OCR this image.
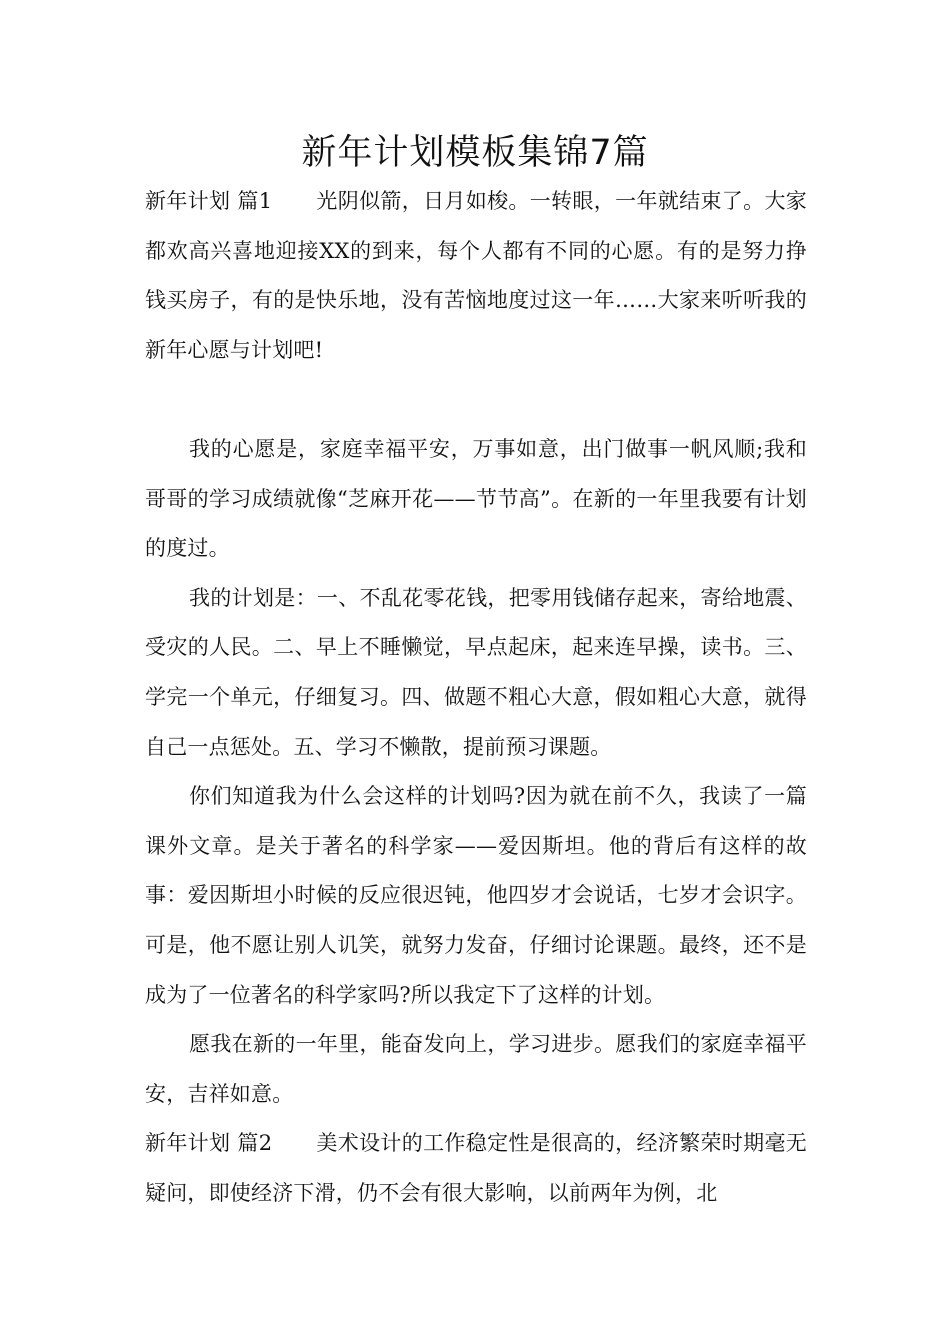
新年计划模板集锦7篇

新年计划 篇1 光阴似箭，日月如梭。一转眼，一年就结束了。大家都欢高兴喜地迎接XX的到来，每个人都有不同的心愿。有的是努力挣钱买房子，有的是快乐地，没有苦恼地度过这一年……大家来听听我的新年心愿与计划吧!

我的心愿是，家庭幸福平安，万事如意，出门做事一帆风顺;我和哥哥的学习成绩就像“芝麻开花——节节高”。在新的一年里我要有计划的度过。

我的计划是：一、不乱花零花钱，把零用钱储存起来，寄给地震、受灾的人民。二、早上不睡懒觉，早点起床，起来连早操，读书。三、学完一个单元，仔细复习。四、做题不粗心大意，假如粗心大意，就得自己一点惩处。五、学习不懒散，提前预习课题。

你们知道我为什么会这样的计划吗?因为就在前不久，我读了一篇课外文章。是关于著名的科学家——爱因斯坦。他的背后有这样的故事：爱因斯坦小时候的反应很迟钝，他四岁才会说话，七岁才会识字。可是，他不愿让别人讥笑，就努力发奋，仔细讨论课题。最终，还不是成为了一位著名的科学家吗?所以我定下了这样的计划。

愿我在新的一年里，能奋发向上，学习进步。愿我们的家庭幸福平安，吉祥如意。

新年计划 篇2 美术设计的工作稳定性是很高的，经济繁荣时期毫无疑问，即使经济下滑，仍不会有很大影响，以前两年为例，北
